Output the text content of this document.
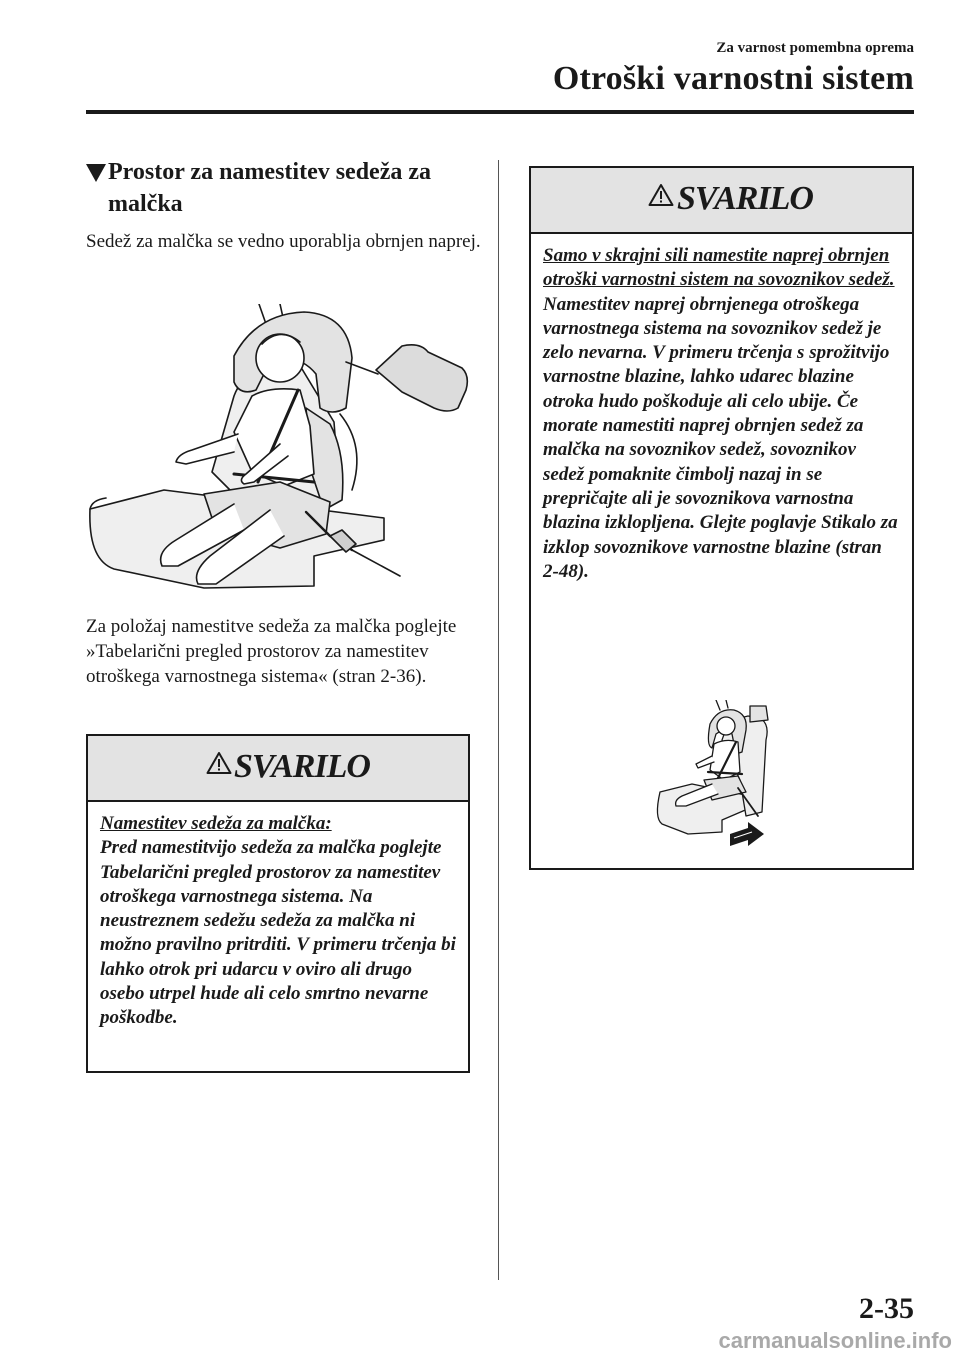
Za varnost pomembna oprema
Otroški varnostni sistem
Prostor za namestitev sedeža za malčka
Sedež za malčka se vedno uporablja obrnjen naprej.
Za položaj namestitve sedeža za malčka poglejte »Tabelarični pregled prostorov za namestitev otroškega varnostnega sistema« (stran 2-36).
SVARILO
Namestitev sedeža za malčka:
Pred namestitvijo sedeža za malčka poglejte Tabelarični pregled prostorov za namestitev otroškega varnostnega sistema. Na neustreznem sedežu sedeža za malčka ni možno pravilno pritrditi. V primeru trčenja bi lahko otrok pri udarcu v oviro ali drugo osebo utrpel hude ali celo smrtno nevarne poškodbe.
SVARILO
Samo v skrajni sili namestite naprej obrnjen otroški varnostni sistem na sovoznikov sedež.
Namestitev naprej obrnjenega otroškega varnostnega sistema na sovoznikov sedež je zelo nevarna. V primeru trčenja s sprožitvijo varnostne blazine, lahko udarec blazine otroka hudo poškoduje ali celo ubije. Če morate namestiti naprej obrnjen sedež za malčka na sovoznikov sedež, sovoznikov sedež pomaknite čimbolj nazaj in se prepričajte ali je sovoznikova varnostna blazina izklopljena. Glejte poglavje Stikalo za izklop sovoznikove varnostne blazine (stran 2-48).
2-35
carmanualsonline.info
